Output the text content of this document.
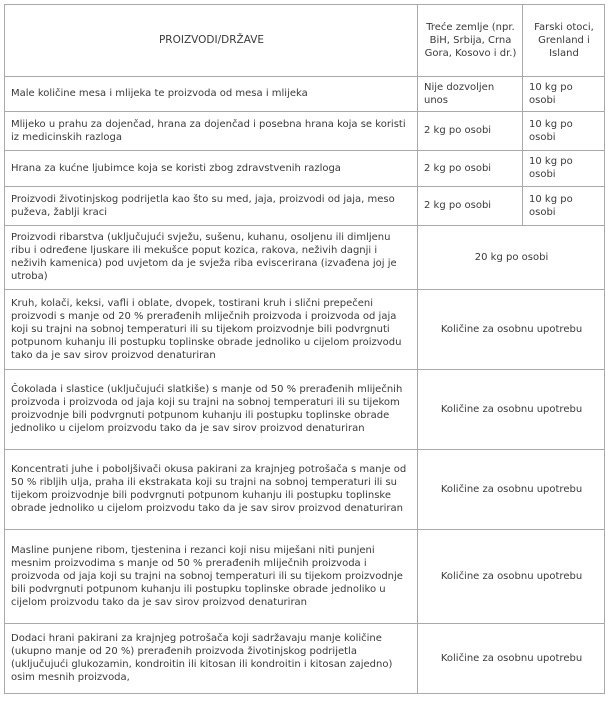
PROIZVODI/DRŽAVE	Treće zemlje (npr. BiH, Srbija, Crna Gora, Kosovo i dr.)	Farski otoci, Grenland i Island
Male količine mesa i mlijeka te proizvoda od mesa i mlijeka	Nije dozvoljen unos	10 kg po osobi
Mlijeko u prahu za dojenčad, hrana za dojenčad i posebna hrana koja se koristi iz medicinskih razloga	2 kg po osobi	10 kg po osobi
Hrana za kućne ljubimce koja se koristi zbog zdravstvenih razloga	2 kg po osobi	10 kg po osobi
Proizvodi životinjskog podrijetla kao što su med, jaja, proizvodi od jaja, meso puževa, žablji kraci	2 kg po osobi	10 kg po osobi
Proizvodi ribarstva (uključujući svježu, sušenu, kuhanu, osoljenu ili dimljenu ribu i određene ljuskare ili mekušce poput kozica, rakova, neživih dagnji i neživih kamenica) pod uvjetom da je svježa riba eviscerirana (izvađena joj je utroba)	20 kg po osobi	
Kruh, kolači, keksi, vafli i oblate, dvopek, tostirani kruh i slični prepečeni proizvodi s manje od 20 % prerađenih mliječnih proizvoda i proizvoda od jaja koji su trajni na sobnoj temperaturi ili su tijekom proizvodnje bili podvrgnuti potpunom kuhanju ili postupku toplinske obrade jednoliko u cijelom proizvodu tako da je sav sirov proizvod denaturiran	Količine za osobnu upotrebu	
Čokolada i slastice (uključujući slatkiše) s manje od 50 % prerađenih mliječnih proizvoda i proizvoda od jaja koji su trajni na sobnoj temperaturi ili su tijekom proizvodnje bili podvrgnuti potpunom kuhanju ili postupku toplinske obrade jednoliko u cijelom proizvodu tako da je sav sirov proizvod denaturiran	Količine za osobnu upotrebu	
Koncentrati juhe i poboljšivači okusa pakirani za krajnjeg potrošača s manje od 50 % ribljih ulja, praha ili ekstrakata koji su trajni na sobnoj temperaturi ili su tijekom proizvodnje bili podvrgnuti potpunom kuhanju ili postupku toplinske obrade jednoliko u cijelom proizvodu tako da je sav sirov proizvod denaturiran	Količine za osobnu upotrebu	
Masline punjene ribom, tjestenina i rezanci koji nisu miješani niti punjeni mesnim proizvodima s manje od 50 % prerađenih mliječnih proizvoda i proizvoda od jaja koji su trajni na sobnoj temperaturi ili su tijekom proizvodnje bili podvrgnuti potpunom kuhanju ili postupku toplinske obrade jednoliko u cijelom proizvodu tako da je sav sirov proizvod denaturiran	Količine za osobnu upotrebu	
Dodaci hrani pakirani za krajnjeg potrošača koji sadržavaju manje količine (ukupno manje od 20 %) prerađenih proizvoda životinjskog podrijetla (uključujući glukozamin, kondroitin ili kitosan ili kondroitin i kitosan zajedno) osim mesnih proizvoda,	Količine za osobnu upotrebu	
